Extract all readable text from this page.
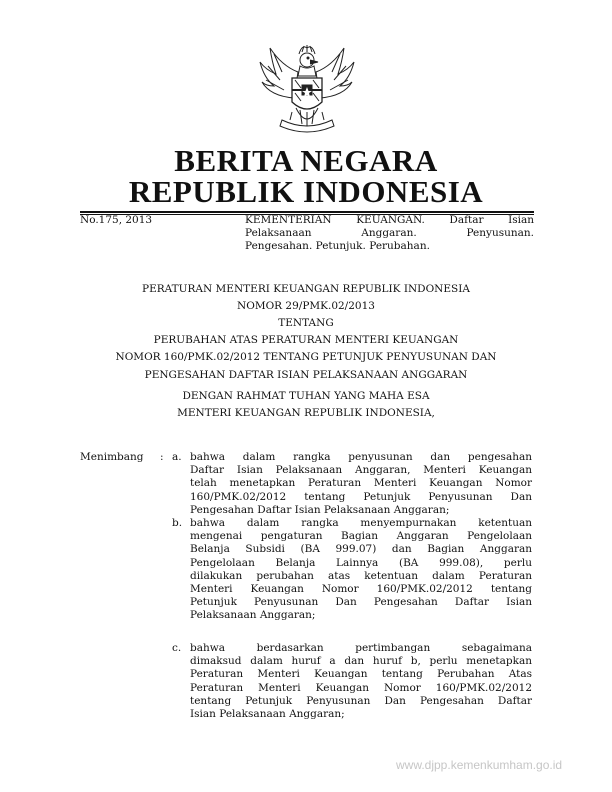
BERITA NEGARA
REPUBLIK INDONESIA
No.175, 2013	KEMENTERIAN KEUANGAN. Daftar Isian
Pelaksanaan Anggaran. Penyusunan.
Pengesahan. Petunjuk. Perubahan.
PERATURAN MENTERI KEUANGAN REPUBLIK INDONESIA
NOMOR 29/PMK.02/2013
TENTANG
PERUBAHAN ATAS PERATURAN MENTERI KEUANGAN
NOMOR 160/PMK.02/2012 TENTANG PETUNJUK PENYUSUNAN DAN
PENGESAHAN DAFTAR ISIAN PELAKSANAAN ANGGARAN
DENGAN RAHMAT TUHAN YANG MAHA ESA
MENTERI KEUANGAN REPUBLIK INDONESIA,
Menimbang : a. bahwa dalam rangka penyusunan dan pengesahan
Daftar Isian Pelaksanaan Anggaran, Menteri Keuangan
telah menetapkan Peraturan Menteri Keuangan Nomor
160/PMK.02/2012 tentang Petunjuk Penyusunan Dan
Pengesahan Daftar Isian Pelaksanaan Anggaran;
b. bahwa dalam rangka menyempurnakan ketentuan
mengenai pengaturan Bagian Anggaran Pengelolaan
Belanja Subsidi (BA 999.07) dan Bagian Anggaran
Pengelolaan Belanja Lainnya (BA 999.08), perlu
dilakukan perubahan atas ketentuan dalam Peraturan
Menteri Keuangan Nomor 160/PMK.02/2012 tentang
Petunjuk Penyusunan Dan Pengesahan Daftar Isian
Pelaksanaan Anggaran;
c. bahwa berdasarkan pertimbangan sebagaimana
dimaksud dalam huruf a dan huruf b, perlu menetapkan
Peraturan Menteri Keuangan tentang Perubahan Atas
Peraturan Menteri Keuangan Nomor 160/PMK.02/2012
tentang Petunjuk Penyusunan Dan Pengesahan Daftar
Isian Pelaksanaan Anggaran;
www.djpp.kemenkumham.go.id
